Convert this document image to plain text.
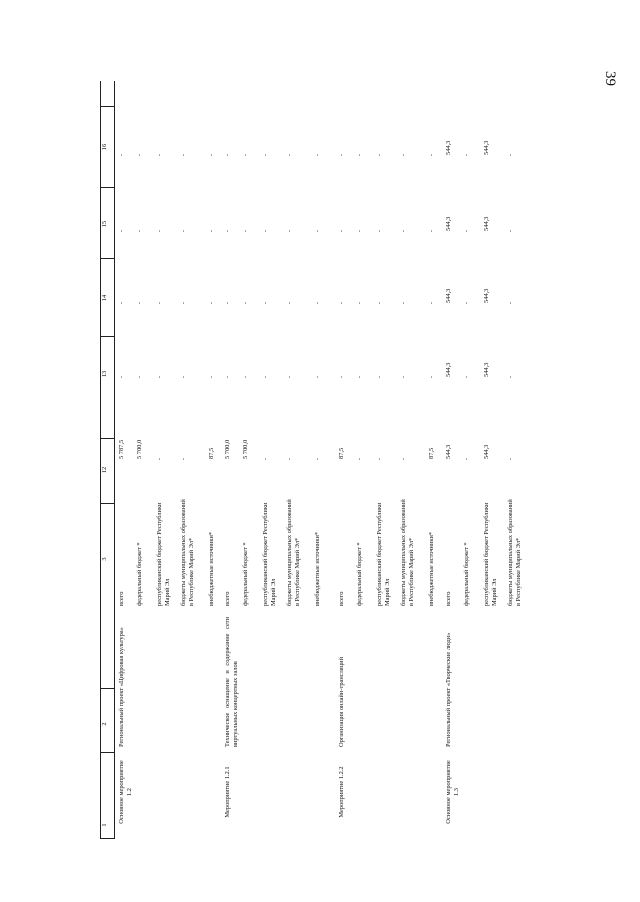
39
1
2
3
12
13
14
15
16
Основное мероприятие 1.2
Региональный проект «Цифровая культура»
всего
5 787,5
-
-
-
-
федеральный бюджет *
5 700,0
-
-
-
-
республиканский бюджет Республики Марий Эл
-
-
-
-
-
бюджеты муниципальных образований в Республике Марий Эл*
-
-
-
-
-
внебюджетные источники*
87,5
-
-
-
-
Мероприятие 1.2.1
Техническое оснащение и содержание сети виртуальных концертных залов
всего
5 700,0
-
-
-
-
федеральный бюджет *
5 700,0
-
-
-
-
республиканский бюджет Республики Марий Эл
-
-
-
-
-
бюджеты муниципальных образований в Республике Марий Эл*
-
-
-
-
-
внебюджетные источники*
-
-
-
-
-
Мероприятие 1.2.2
Организация онлайн-трансляций
всего
87,5
-
-
-
-
федеральный бюджет *
-
-
-
-
-
республиканский бюджет Республики Марий Эл
-
-
-
-
-
бюджеты муниципальных образований в Республике Марий Эл*
-
-
-
-
-
внебюджетные источники*
87,5
-
-
-
-
Основное мероприятие 1.3
Региональный проект «Творческие люди»
всего
544,3
544,3
544,3
544,3
544,3
федеральный бюджет *
-
-
-
-
-
республиканский бюджет Республики Марий Эл
544,3
544,3
544,3
544,3
544,3
бюджеты муниципальных образований в Республике Марий Эл*
-
-
-
-
-
